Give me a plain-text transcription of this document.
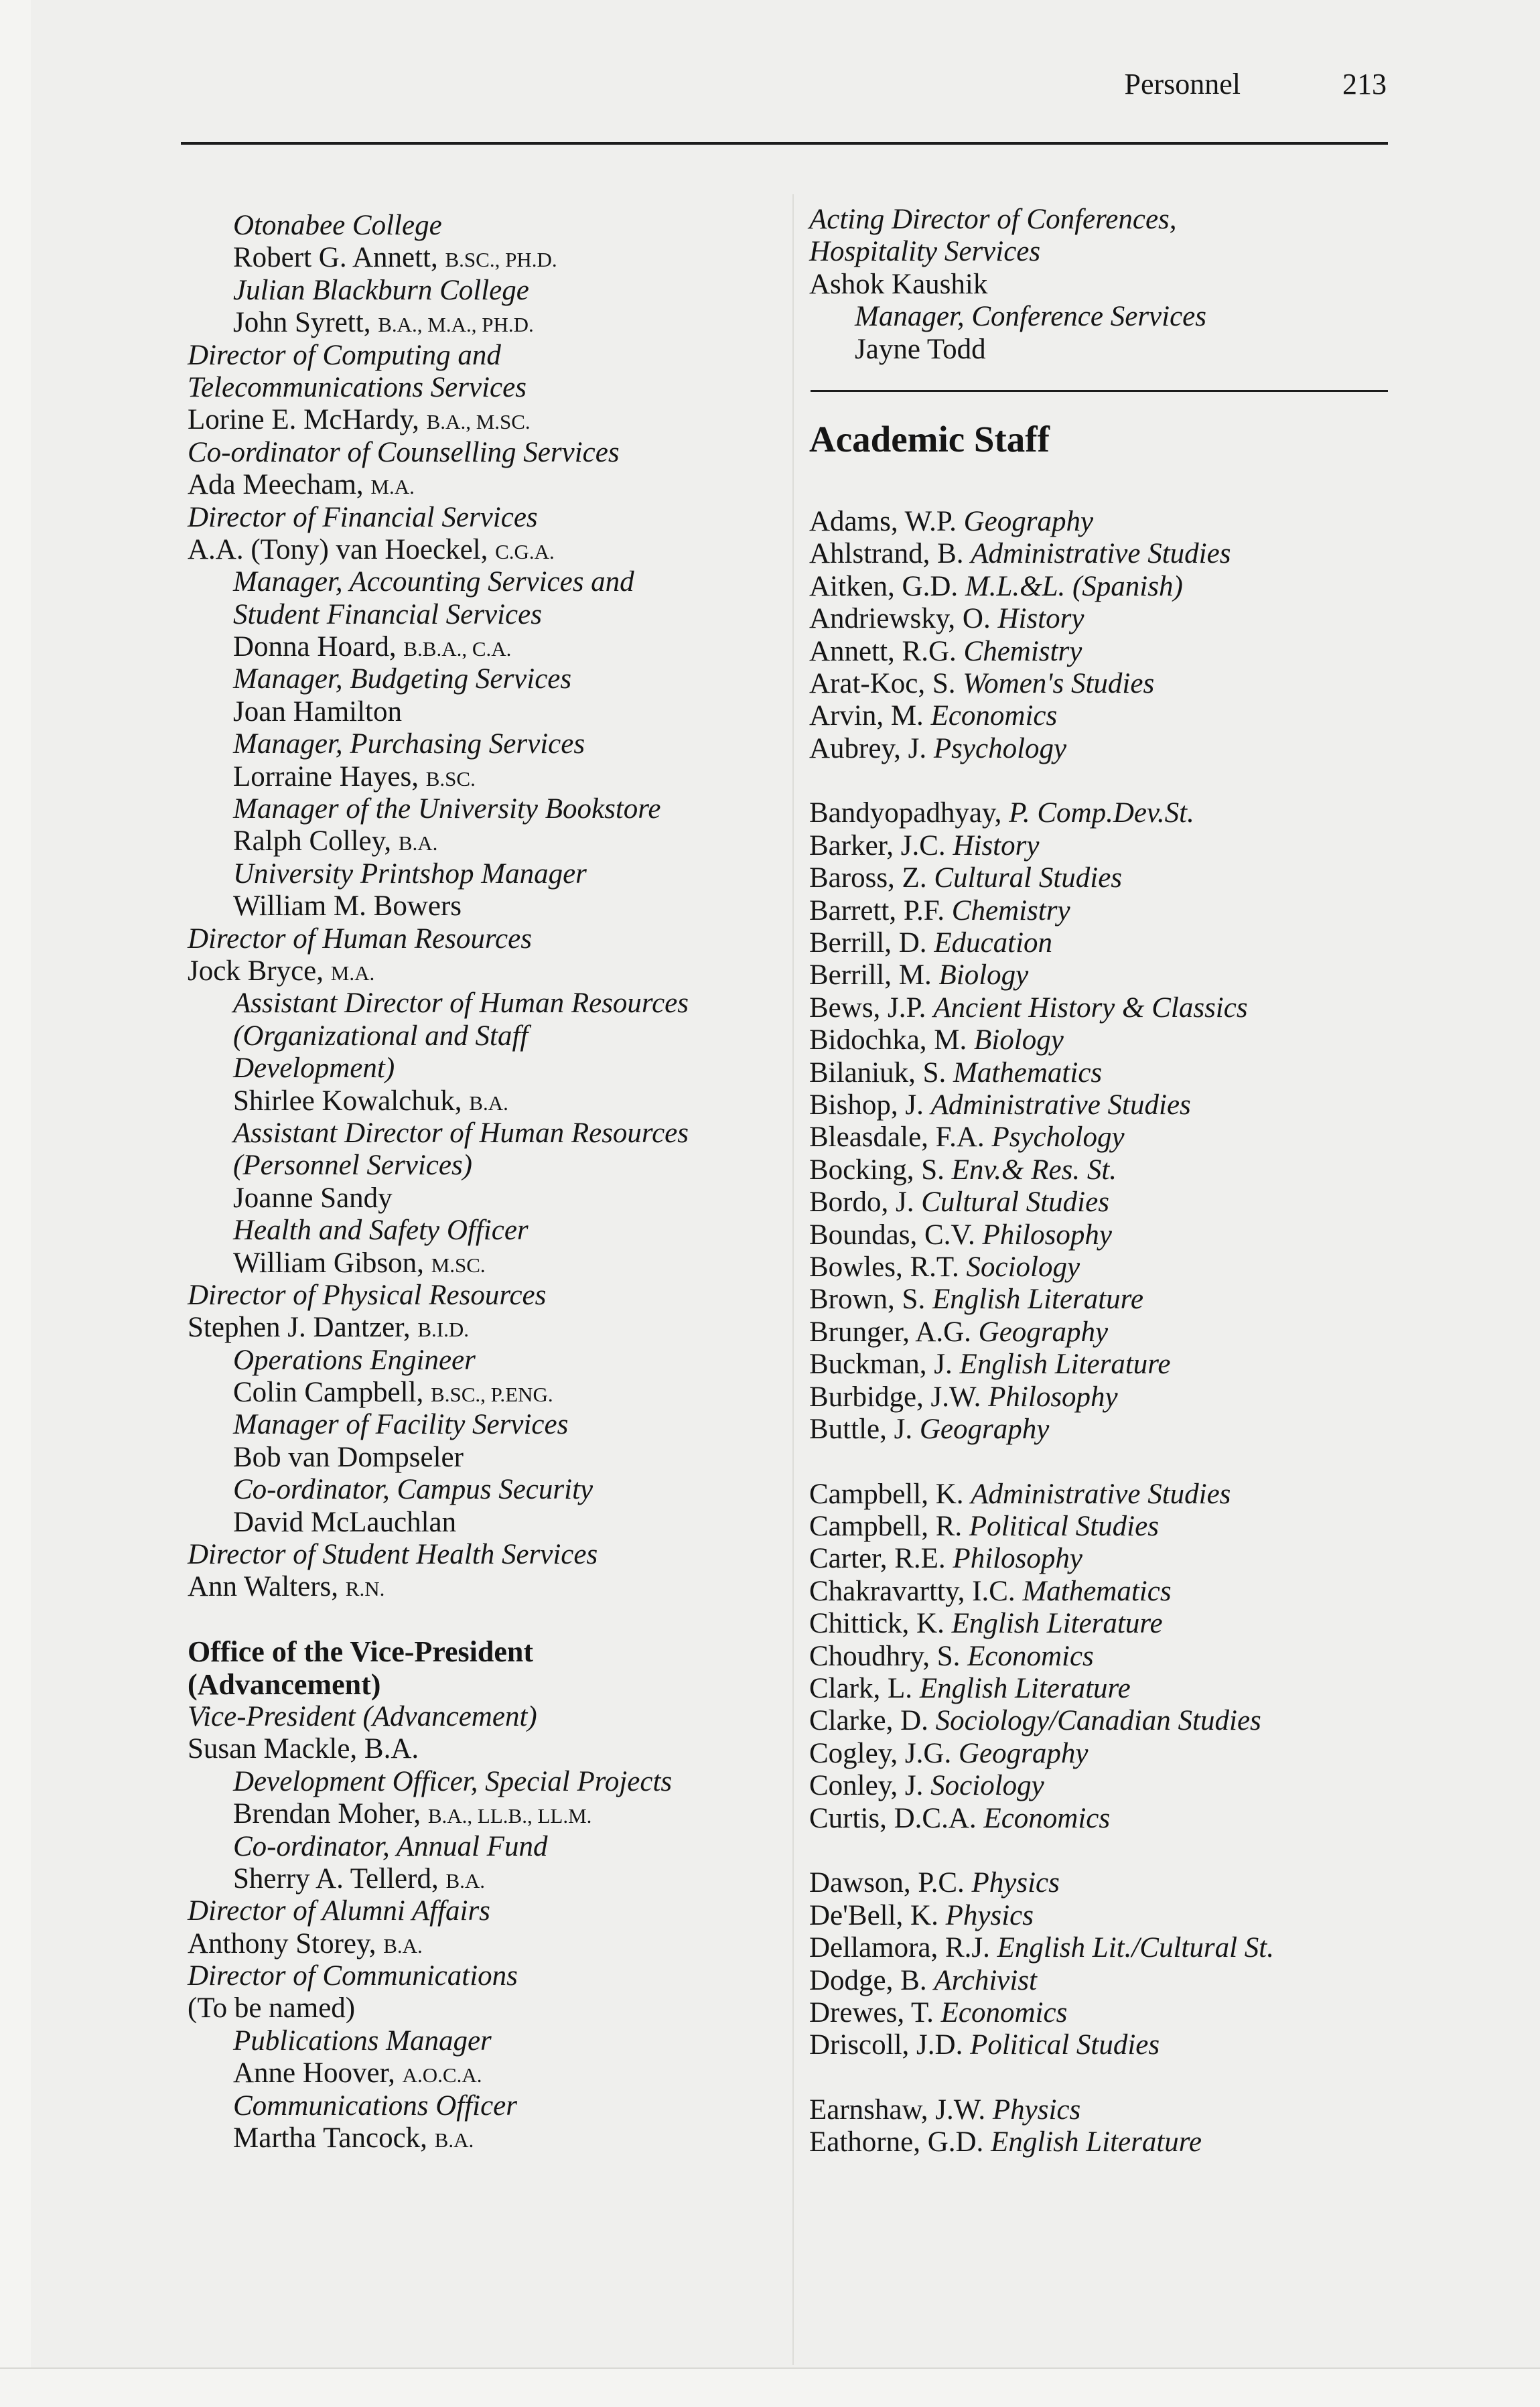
Personnel	213
Otonabee College
Robert G. Annett, B.SC., PH.D.
Julian Blackburn College
John Syrett, B.A., M.A., PH.D.
Director of Computing and
Telecommunications Services
Lorine E. McHardy, B.A., M.SC.
Co-ordinator of Counselling Services
Ada Meecham, M.A.
Director of Financial Services
A.A. (Tony) van Hoeckel, C.G.A.
Manager, Accounting Services and
Student Financial Services
Donna Hoard, B.B.A., C.A.
Manager, Budgeting Services
Joan Hamilton
Manager, Purchasing Services
Lorraine Hayes, B.SC.
Manager of the University Bookstore
Ralph Colley, B.A.
University Printshop Manager
William M. Bowers
Director of Human Resources
Jock Bryce, M.A.
Assistant Director of Human Resources
(Organizational and Staff
Development)
Shirlee Kowalchuk, B.A.
Assistant Director of Human Resources
(Personnel Services)
Joanne Sandy
Health and Safety Officer
William Gibson, M.SC.
Director of Physical Resources
Stephen J. Dantzer, B.I.D.
Operations Engineer
Colin Campbell, B.SC., P.ENG.
Manager of Facility Services
Bob van Dompseler
Co-ordinator, Campus Security
David McLauchlan
Director of Student Health Services
Ann Walters, R.N.
Office of the Vice-President
(Advancement)
Vice-President (Advancement)
Susan Mackle, B.A.
Development Officer, Special Projects
Brendan Moher, B.A., LL.B., LL.M.
Co-ordinator, Annual Fund
Sherry A. Tellerd, B.A.
Director of Alumni Affairs
Anthony Storey, B.A.
Director of Communications
(To be named)
Publications Manager
Anne Hoover, A.O.C.A.
Communications Officer
Martha Tancock, B.A.
Acting Director of Conferences,
Hospitality Services
Ashok Kaushik
Manager, Conference Services
Jayne Todd
Academic Staff
Adams, W.P. Geography
Ahlstrand, B. Administrative Studies
Aitken, G.D. M.L.&L. (Spanish)
Andriewsky, O. History
Annett, R.G. Chemistry
Arat-Koc, S. Women's Studies
Arvin, M. Economics
Aubrey, J. Psychology
Bandyopadhyay, P. Comp.Dev.St.
Barker, J.C. History
Baross, Z. Cultural Studies
Barrett, P.F. Chemistry
Berrill, D. Education
Berrill, M. Biology
Bews, J.P. Ancient History & Classics
Bidochka, M. Biology
Bilaniuk, S. Mathematics
Bishop, J. Administrative Studies
Bleasdale, F.A. Psychology
Bocking, S. Env.& Res. St.
Bordo, J. Cultural Studies
Boundas, C.V. Philosophy
Bowles, R.T. Sociology
Brown, S. English Literature
Brunger, A.G. Geography
Buckman, J. English Literature
Burbidge, J.W. Philosophy
Buttle, J. Geography
Campbell, K. Administrative Studies
Campbell, R. Political Studies
Carter, R.E. Philosophy
Chakravartty, I.C. Mathematics
Chittick, K. English Literature
Choudhry, S. Economics
Clark, L. English Literature
Clarke, D. Sociology/Canadian Studies
Cogley, J.G. Geography
Conley, J. Sociology
Curtis, D.C.A. Economics
Dawson, P.C. Physics
De'Bell, K. Physics
Dellamora, R.J. English Lit./Cultural St.
Dodge, B. Archivist
Drewes, T. Economics
Driscoll, J.D. Political Studies
Earnshaw, J.W. Physics
Eathorne, G.D. English Literature
